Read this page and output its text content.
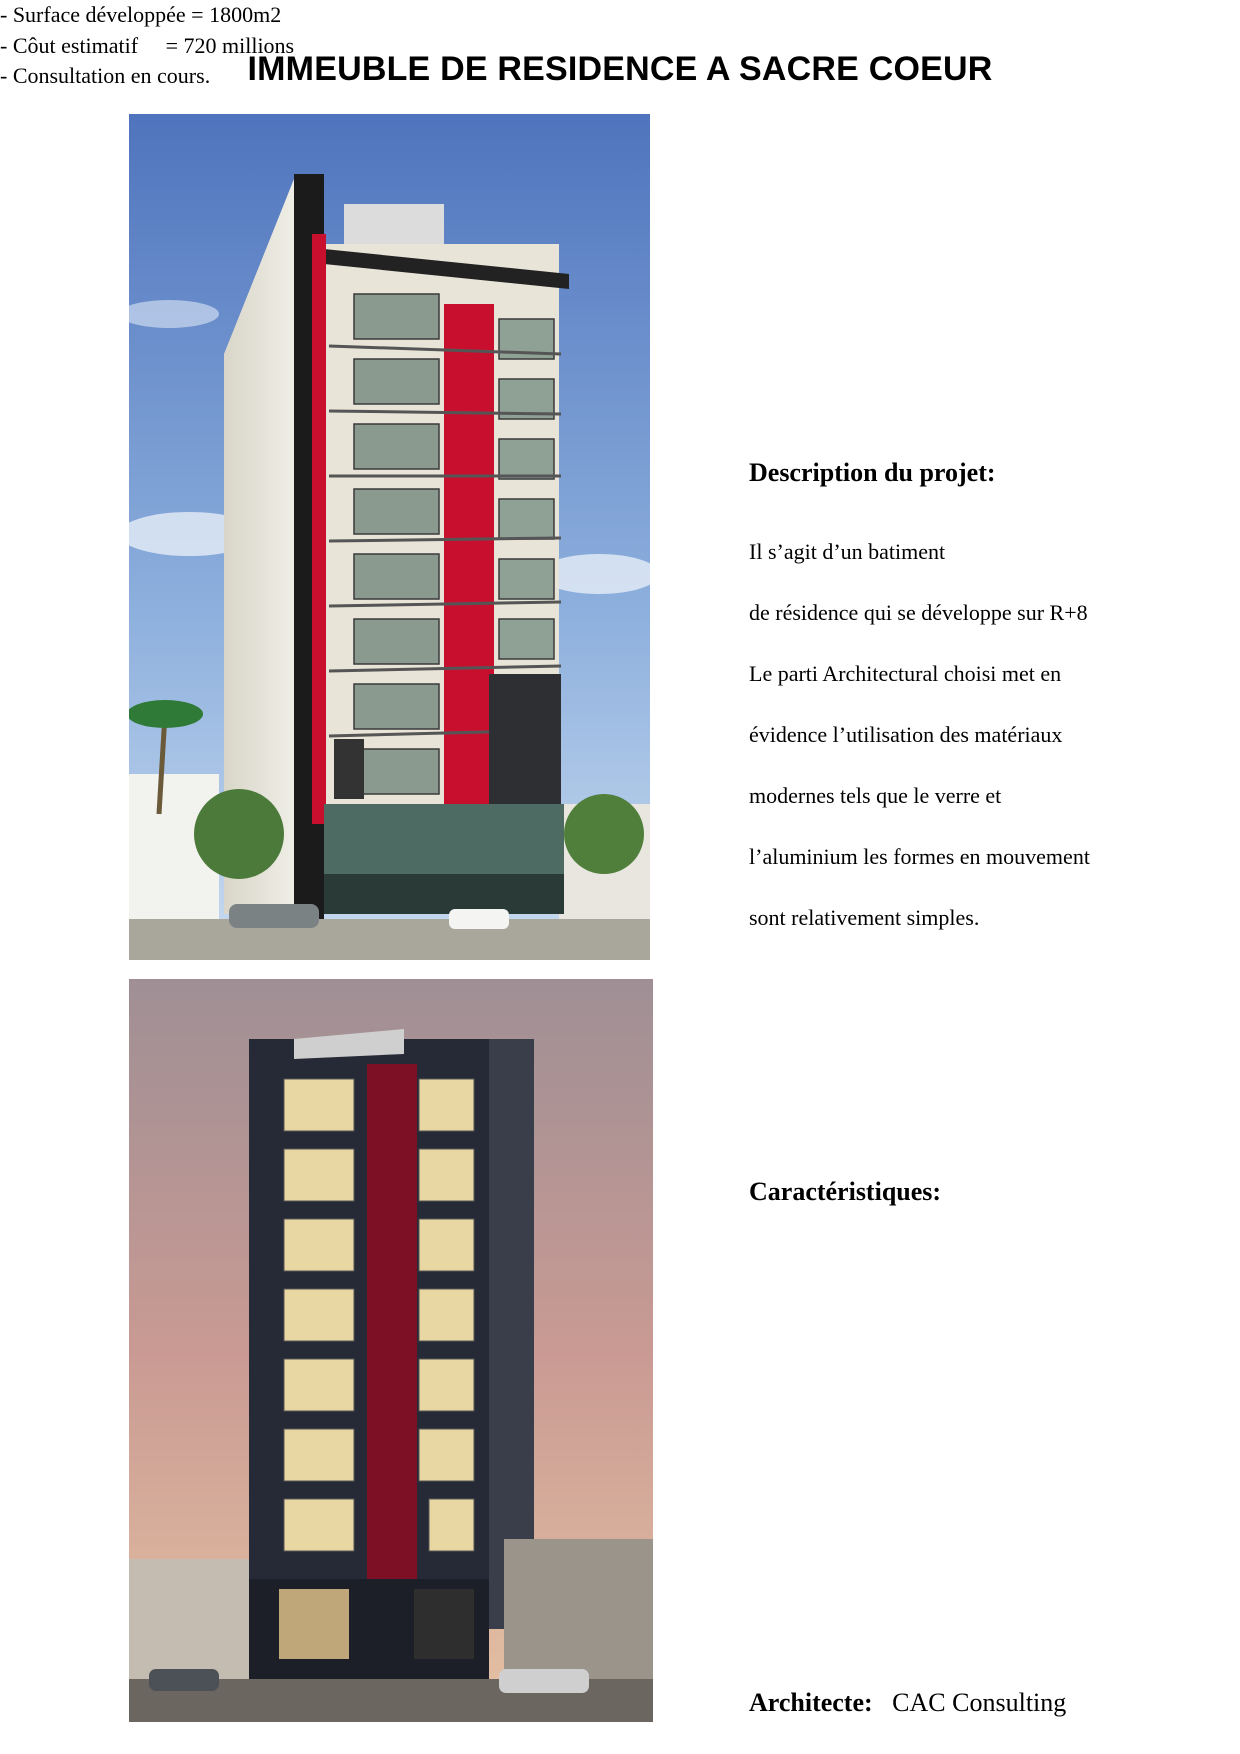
IMMEUBLE DE RESIDENCE A SACRE COEUR
Description du projet:

Il s’agit d’un batiment

de résidence qui se développe sur R+8

Le parti Architectural choisi met en

évidence l’utilisation des matériaux

modernes tels que le verre et

l’aluminium les formes en mouvement

sont relativement simples.

Caractéristiques:
- Surface développée = 1800m2
- Côut estimatif     = 720 millions
- Consultation en cours.
Architecte: CAC Consulting
